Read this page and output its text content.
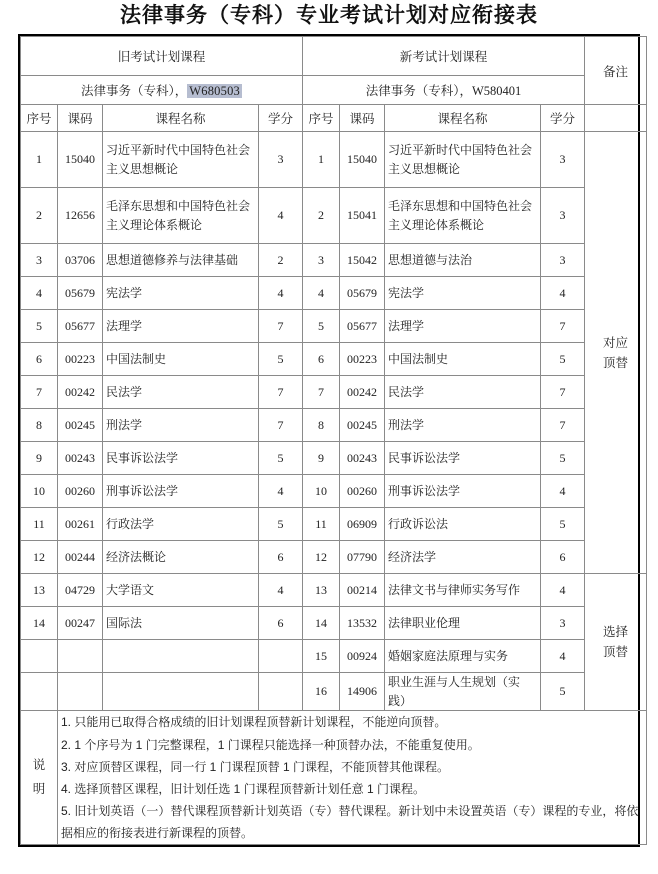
法律事务（专科）专业考试计划对应衔接表
旧考试计划课程				新考试计划课程				备注
法律事务（专科）， W680503				法律事务（专科），W580401				
序号	课码	课程名称	学分	序号	课码	课程名称	学分	
1	15040	习近平新时代中国特色社会主义思想概论	3	1	15040	习近平新时代中国特色社会主义思想概论	3	对应
顶替

2	12656	毛泽东思想和中国特色社会主义理论体系概论	4	2	15041	毛泽东思想和中国特色社会主义理论体系概论	3	
3	03706	思想道德修养与法律基础	2	3	15042	思想道德与法治	3	
4	05679	宪法学	4	4	05679	宪法学	4	
5	05677	法理学	7	5	05677	法理学	7	
6	00223	中国法制史	5	6	00223	中国法制史	5	
7	00242	民法学	7	7	00242	民法学	7	
8	00245	刑法学	7	8	00245	刑法学	7	
9	00243	民事诉讼法学	5	9	00243	民事诉讼法学	5	
10	00260	刑事诉讼法学	4	10	00260	刑事诉讼法学	4	
11	00261	行政法学	5	11	06909	行政诉讼法	5	
12	00244	经济法概论	6	12	07790	经济法学	6	
13	04729	大学语文	4	13	00214	法律文书与律师实务写作	4	选择
顶替

14	00247	国际法	6	14	13532	法律职业伦理	3	
				15	00924	婚姻家庭法原理与实务	4	
				16	14906	职业生涯与人生规划（实践）	5	

说
明

1. 只能用已取得合格成绩的旧计划课程顶替新计划课程，不能逆向顶替。

2. 1 个序号为 1 门完整课程，1 门课程只能选择一种顶替办法，不能重复使用。

3. 对应顶替区课程，同一行 1 门课程顶替 1 门课程，不能顶替其他课程。

4. 选择顶替区课程，旧计划任选 1 门课程顶替新计划任意 1 门课程。

5. 旧计划英语（一）替代课程顶替新计划英语（专）替代课程。新计划中未设置英语（专）课程的专业，将依据相应的衔接表进行新课程的顶替。
